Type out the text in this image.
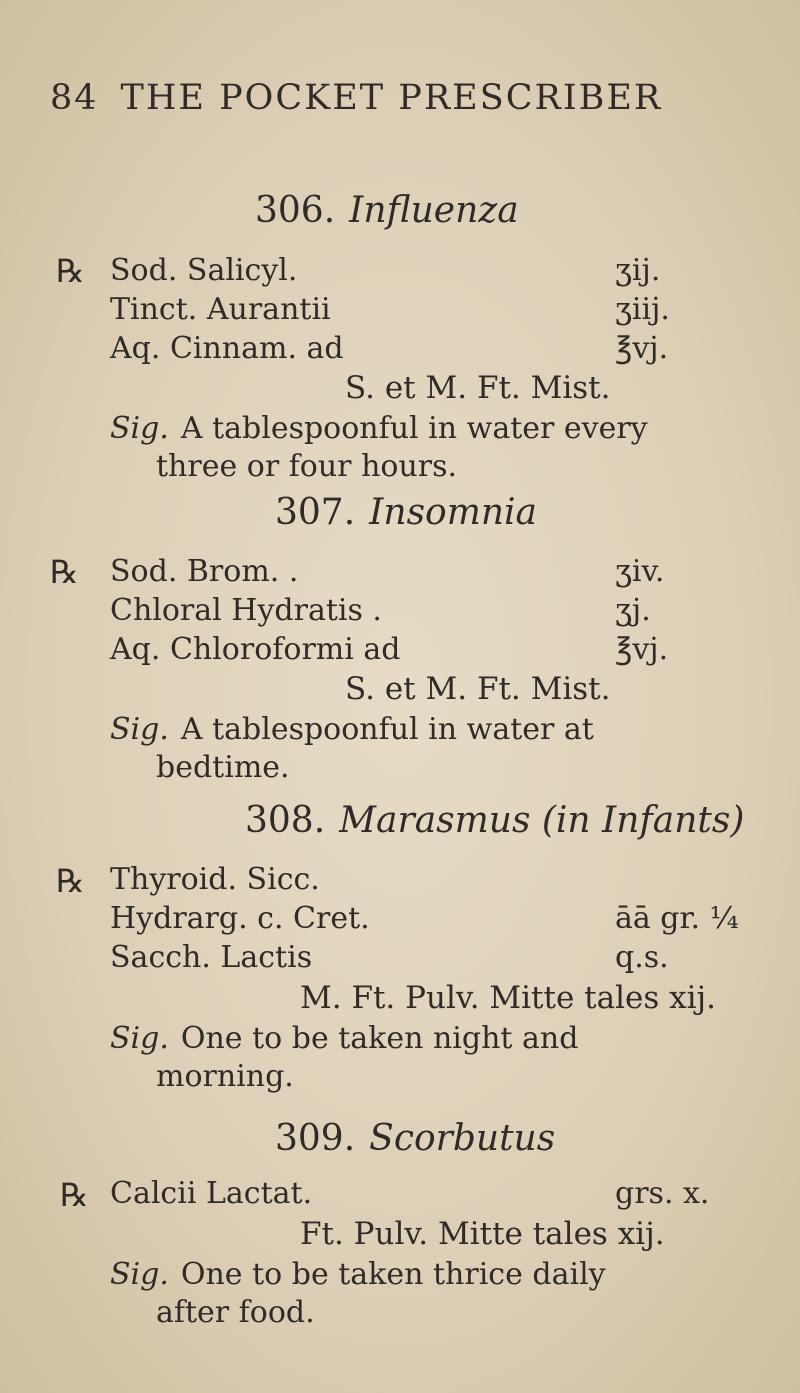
84 THE POCKET PRESCRIBER
306. Influenza
℞ Sod. Salicyl.	ʒij.
Tinct. Aurantii	ʒiij.
Aq. Cinnam. ad	℥vj.
S. et M. Ft. Mist.
Sig. A tablespoonful in water every
three or four hours.
307. Insomnia
℞ Sod. Brom. .	ʒiv.
Chloral Hydratis .	ʒj.
Aq. Chloroformi ad	℥vj.
S. et M. Ft. Mist.
Sig. A tablespoonful in water at
bedtime.
308. Marasmus (in Infants)
℞ Thyroid. Sicc.
Hydrarg. c. Cret.	āā gr. ¼
Sacch. Lactis	q.s.
M. Ft. Pulv. Mitte tales xij.
Sig. One to be taken night and
morning.
309. Scorbutus
℞ Calcii Lactat.	grs. x.
Ft. Pulv. Mitte tales xij.
Sig. One to be taken thrice daily
after food.
